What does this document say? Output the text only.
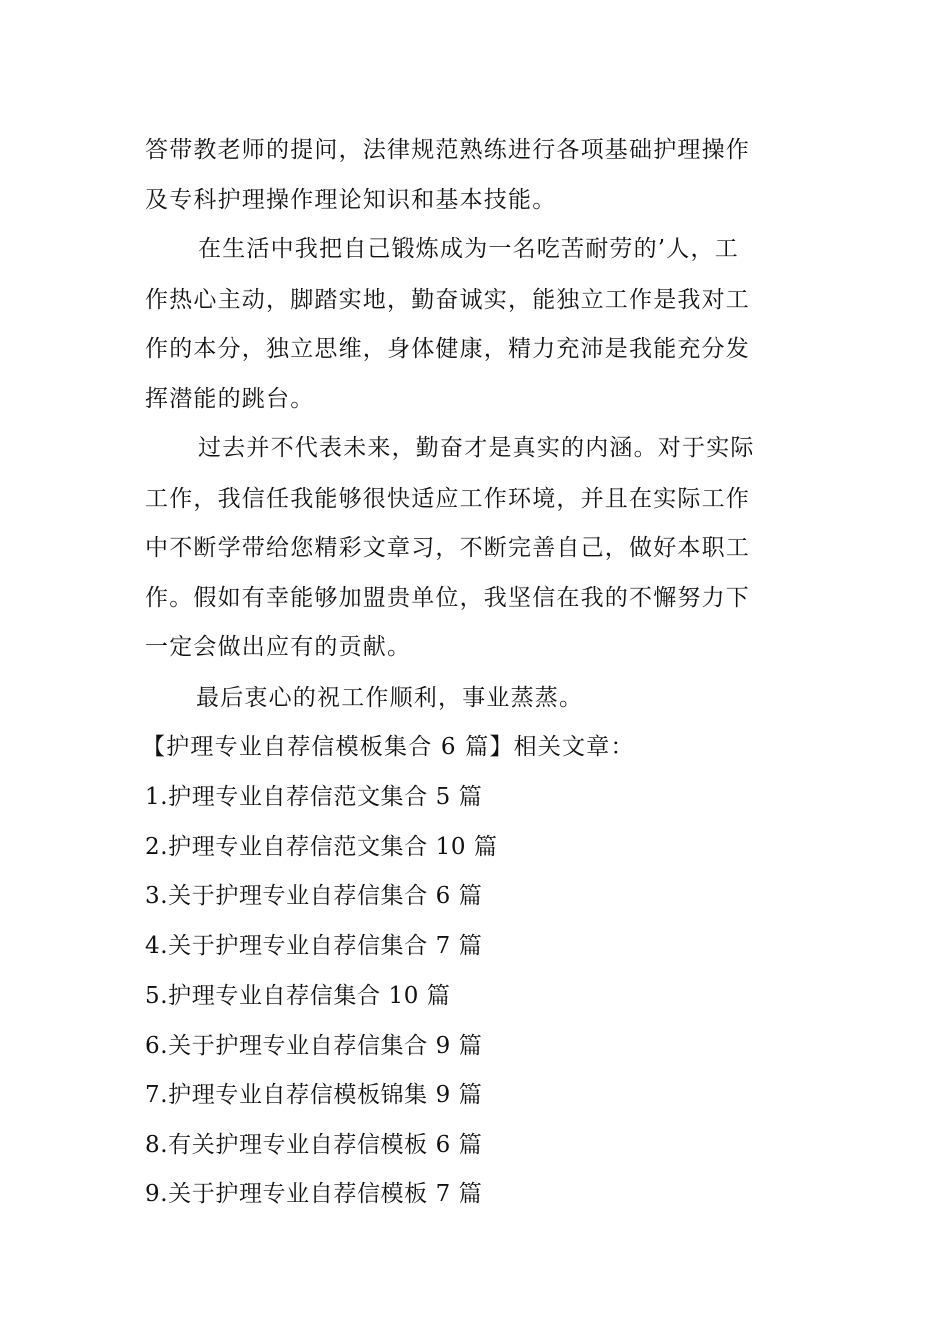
答带教老师的提问，法律规范熟练进行各项基础护理操作
及专科护理操作理论知识和基本技能。
在生活中我把自己锻炼成为一名吃苦耐劳的’人，工
作热心主动，脚踏实地，勤奋诚实，能独立工作是我对工
作的本分，独立思维，身体健康，精力充沛是我能充分发
挥潜能的跳台。
过去并不代表未来，勤奋才是真实的内涵。对于实际
工作，我信任我能够很快适应工作环境，并且在实际工作
中不断学带给您精彩文章习，不断完善自己，做好本职工
作。假如有幸能够加盟贵单位，我坚信在我的不懈努力下
一定会做出应有的贡献。
最后衷心的祝工作顺利，事业蒸蒸。
【护理专业自荐信模板集合 6 篇】相关文章：
1.护理专业自荐信范文集合 5 篇
2.护理专业自荐信范文集合 10 篇
3.关于护理专业自荐信集合 6 篇
4.关于护理专业自荐信集合 7 篇
5.护理专业自荐信集合 10 篇
6.关于护理专业自荐信集合 9 篇
7.护理专业自荐信模板锦集 9 篇
8.有关护理专业自荐信模板 6 篇
9.关于护理专业自荐信模板 7 篇
